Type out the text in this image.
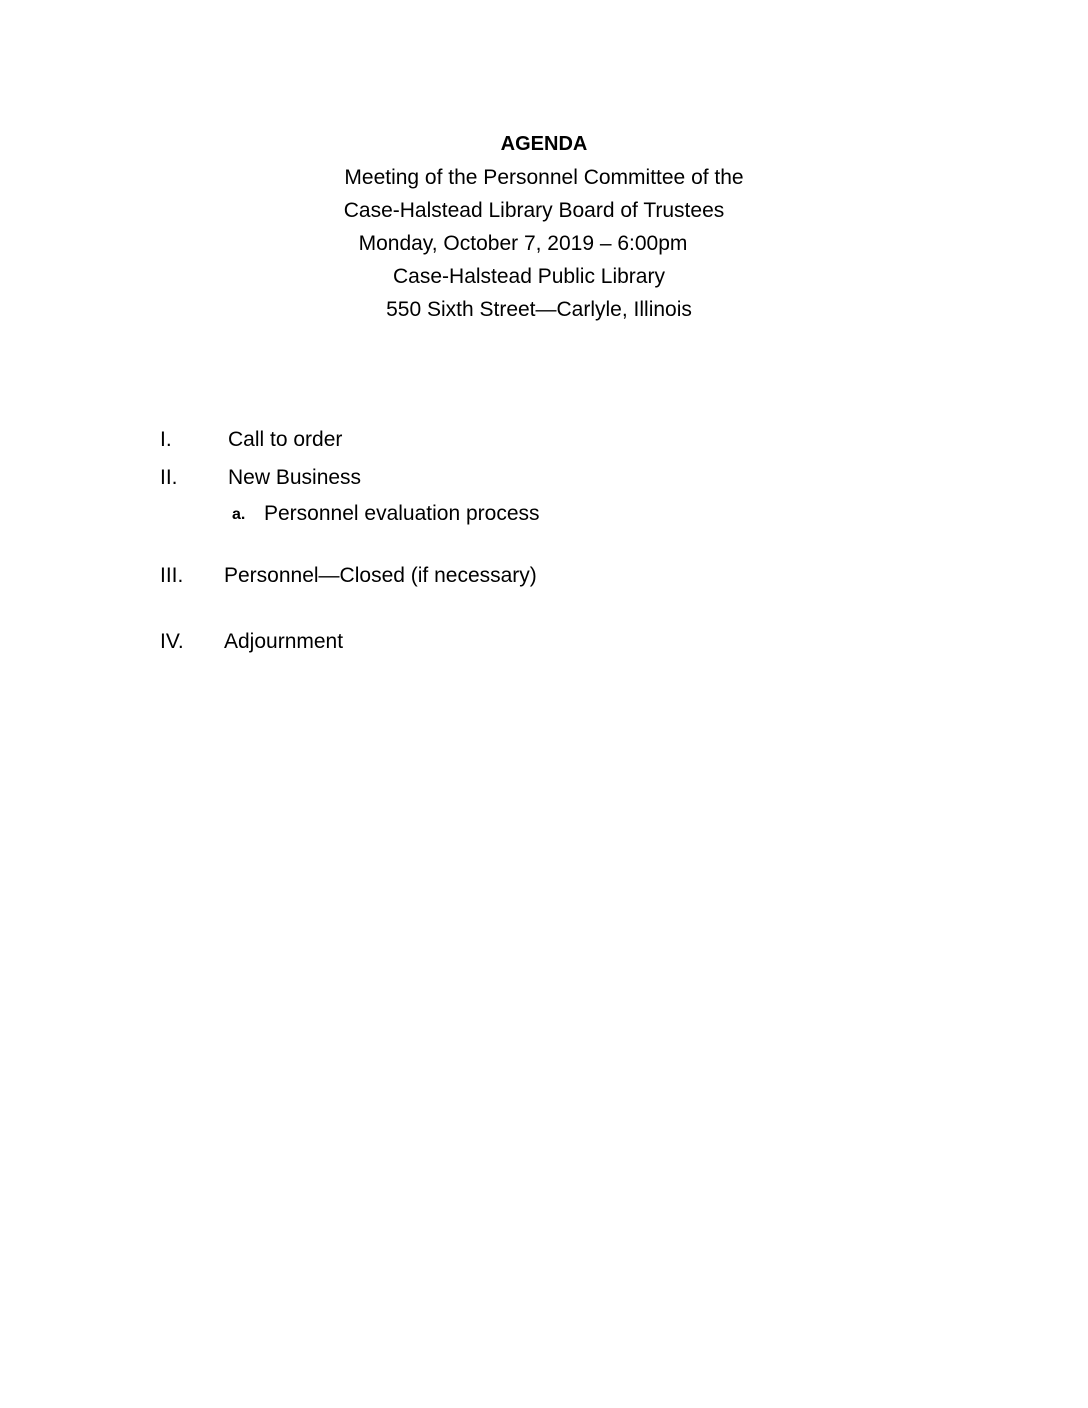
AGENDA
Meeting of the Personnel Committee of the
Case-Halstead Library Board of Trustees
Monday, October 7, 2019 – 6:00pm
Case-Halstead Public Library
550 Sixth Street—Carlyle, Illinois
I.	Call to order
II. New Business
a. Personnel evaluation process
III. Personnel—Closed (if necessary)
IV. Adjournment
